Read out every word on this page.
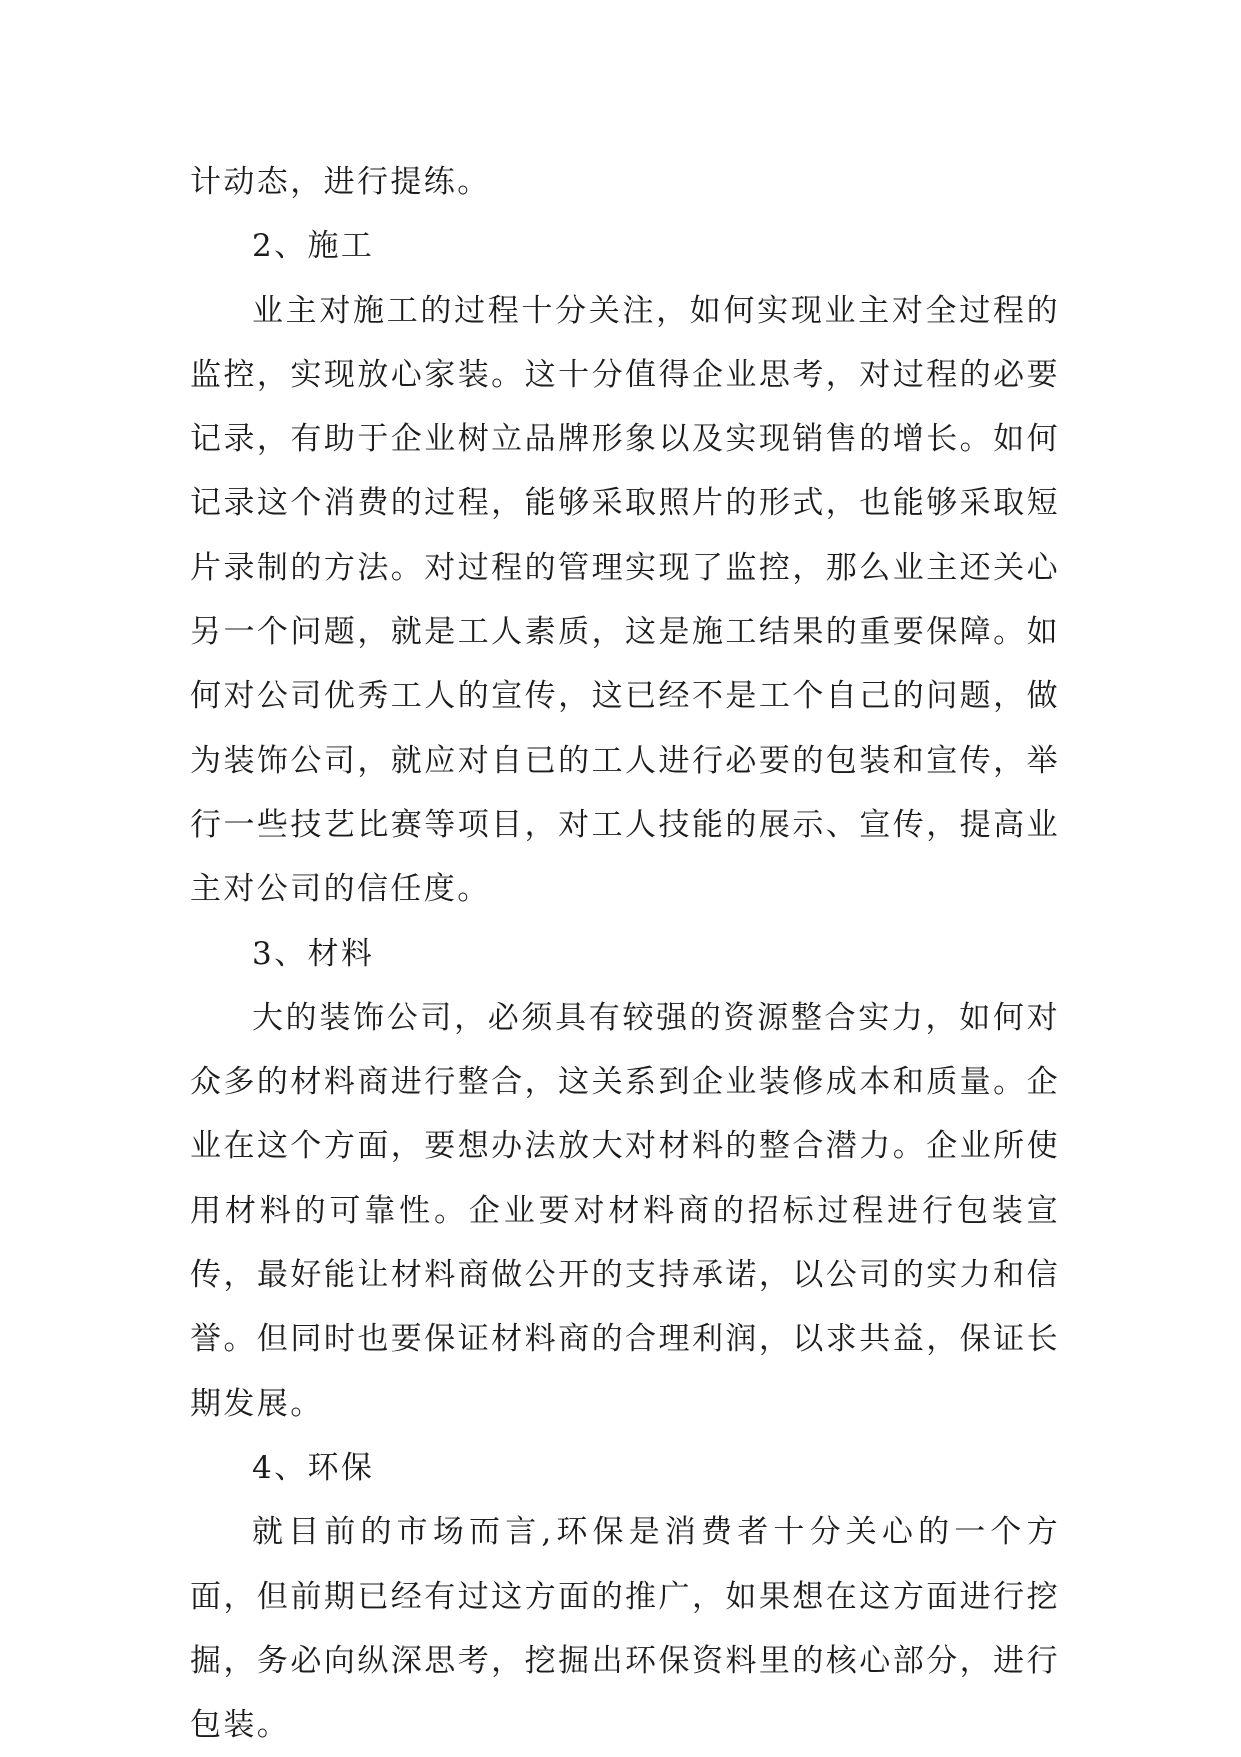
计动态，进行提练。

2、施工

业主对施工的过程十分关注，如何实现业主对全过程的监控，实现放心家装。这十分值得企业思考，对过程的必要记录，有助于企业树立品牌形象以及实现销售的增长。如何记录这个消费的过程，能够采取照片的形式，也能够采取短片录制的方法。对过程的管理实现了监控，那么业主还关心另一个问题，就是工人素质，这是施工结果的重要保障。如何对公司优秀工人的宣传，这已经不是工个自己的问题，做为装饰公司，就应对自已的工人进行必要的包装和宣传，举行一些技艺比赛等项目，对工人技能的展示、宣传，提高业主对公司的信任度。

3、材料

大的装饰公司，必须具有较强的资源整合实力，如何对众多的材料商进行整合，这关系到企业装修成本和质量。企业在这个方面，要想办法放大对材料的整合潜力。企业所使用材料的可靠性。企业要对材料商的招标过程进行包装宣传，最好能让材料商做公开的支持承诺，以公司的实力和信誉。但同时也要保证材料商的合理利润，以求共益，保证长期发展。

4、环保

就目前的市场而言,环保是消费者十分关心的一个方面，但前期已经有过这方面的推广，如果想在这方面进行挖掘，务必向纵深思考，挖掘出环保资料里的核心部分，进行包装。
